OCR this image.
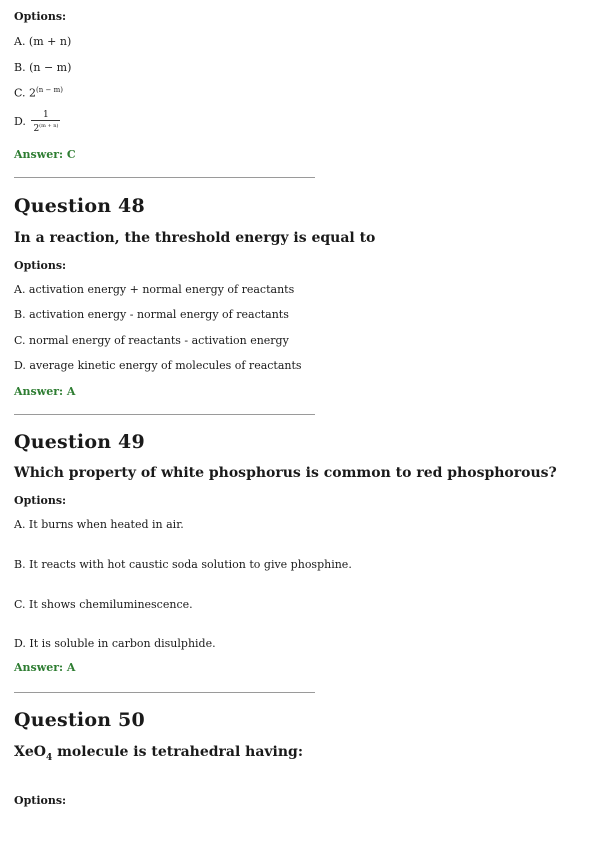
Options:
A. (m + n)
B. (n − m)
C. $2^{(n - m)}$
D. $\frac{1}{2^{(m + n)}}$
Answer: C
Question 48
In a reaction, the threshold energy is equal to
Options:
A. activation energy + normal energy of reactants
B. activation energy - normal energy of reactants
C. normal energy of reactants - activation energy
D. average kinetic energy of molecules of reactants
Answer: A
Question 49
Which property of white phosphorus is common to red phosphorous?
Options:
A. It burns when heated in air.
B. It reacts with hot caustic soda solution to give phosphine.
C. It shows chemiluminescence.
D. It is soluble in carbon disulphide.
Answer: A
Question 50
XeO$_4$ molecule is tetrahedral having:
Options:
